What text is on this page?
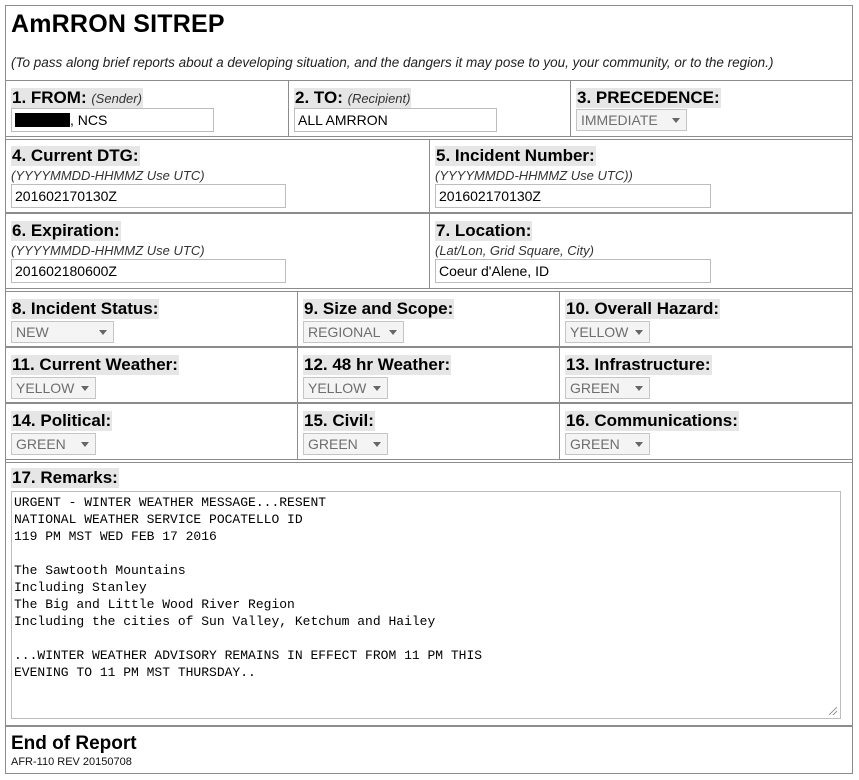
AmRRON SITREP
(To pass along brief reports about a developing situation, and the dangers it may pose to you, your community, or to the region.)
1. FROM: (Sender)
, NCS
2. TO: (Recipient)
ALL AMRRON
3. PRECEDENCE:
IMMEDIATE
4. Current DTG:
(YYYYMMDD-HHMMZ Use UTC)
201602170130Z
5. Incident Number:
(YYYYMMDD-HHMMZ Use UTC))
201602170130Z
6. Expiration:
(YYYYMMDD-HHMMZ Use UTC)
201602180600Z
7. Location:
(Lat/Lon, Grid Square, City)
Coeur d'Alene, ID
8. Incident Status:
NEW
9. Size and Scope:
REGIONAL
10. Overall Hazard:
YELLOW
11. Current Weather:
YELLOW
12. 48 hr Weather:
YELLOW
13. Infrastructure:
GREEN
14. Political:
GREEN
15. Civil:
GREEN
16. Communications:
GREEN
17. Remarks:
URGENT - WINTER WEATHER MESSAGE...RESENT
NATIONAL WEATHER SERVICE POCATELLO ID
119 PM MST WED FEB 17 2016

The Sawtooth Mountains
Including Stanley
The Big and Little Wood River Region
Including the cities of Sun Valley, Ketchum and Hailey

...WINTER WEATHER ADVISORY REMAINS IN EFFECT FROM 11 PM THIS
EVENING TO 11 PM MST THURSDAY..
End of Report
AFR-110 REV 20150708
